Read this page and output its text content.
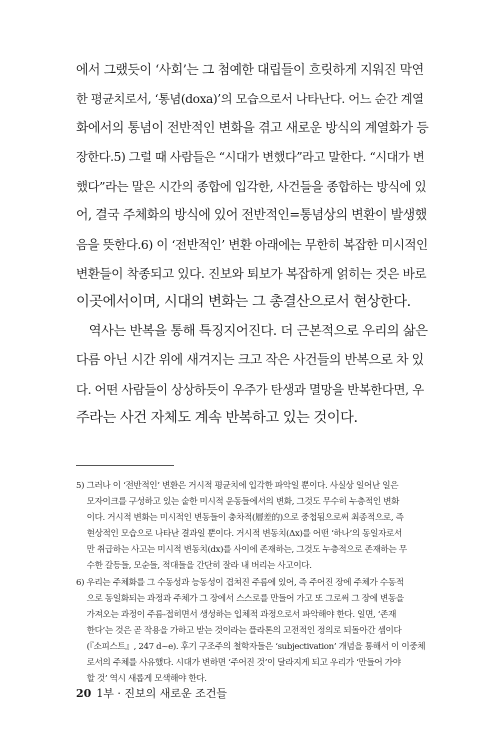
에서 그랬듯이 ‘사회’는 그 첨예한 대립들이 흐릿하게 지워진 막연
한 평균치로서, ‘통념(doxa)’의 모습으로서 나타난다. 어느 순간 계열
화에서의 통념이 전반적인 변화을 겪고 새로운 방식의 계열화가 등
장한다.5) 그럴 때 사람들은 “시대가 변했다”라고 말한다. “시대가 변
했다”라는 말은 시간의 종합에 입각한, 사건들을 종합하는 방식에 있
어, 결국 주체화의 방식에 있어 전반적인=통념상의 변환이 발생했
음을 뜻한다.6) 이 ‘전반적인’ 변환 아래에는 무한히 복잡한 미시적인
변환들이 착종되고 있다. 진보와 퇴보가 복잡하게 얽히는 것은 바로
이곳에서이며, 시대의 변화는 그 총결산으로서 현상한다.
　역사는 반복을 통해 특징지어진다. 더 근본적으로 우리의 삶은
다름 아닌 시간 위에 새겨지는 크고 작은 사건들의 반복으로 차 있
다. 어떤 사람들이 상상하듯이 우주가 탄생과 멸망을 반복한다면, 우
주라는 사건 자체도 계속 반복하고 있는 것이다.
5) 그러나 이 ‘전반적인’ 변환은 거시적 평균치에 입각한 파악일 뿐이다. 사실상 일어난 일은
　 모자이크를 구성하고 있는 숱한 미시적 운동들에서의 변화, 그것도 무수히 누층적인 변화
　 이다. 거시적 변화는 미시적인 변동들이 충차적(層差的)으로 중첩됨으로써 최종적으로, 즉
　 현상적인 모습으로 나타난 결과일 뿐이다. 거시적 변동치(Δx)를 어떤 ‘하나’의 동일자로서
　 만 취급하는 사고는 미시적 변동치(dx)를 사이에 존재하는, 그것도 누층적으로 존재하는 무
　 수한 갈등들, 모순들, 적대들을 간단히 잘라 내 버리는 사고이다.
6) 우리는 주체화를 그 수동성과 능동성이 겹쳐진 주름에 있어, 즉 주어진 장에 주체가 수동적
　 으로 동일화되는 과정과 주체가 그 장에서 스스로를 만들어 가고 또 그로써 그 장에 변동을
　 가져오는 과정이 주름-접히면서 생성하는 입체적 과정으로서 파악해야 한다. 일면, ‘존재
　 한다’는 것은 곧 작용을 가하고 받는 것이라는 플라톤의 고전적인 정의로 되돌아간 셈이다
　 (『소피스트』, 247 d~e). 후기 구조주의 철학자들은 ‘subjectivation’ 개념을 통해서 이 이중체
　 로서의 주체를 사유했다. 시대가 변하면 ‘주어진 것’이 달라지게 되고 우리가 ‘만들어 가야
　 할 것’ 역시 새롭게 모색해야 한다.
20 1부 · 진보의 새로운 조건들
